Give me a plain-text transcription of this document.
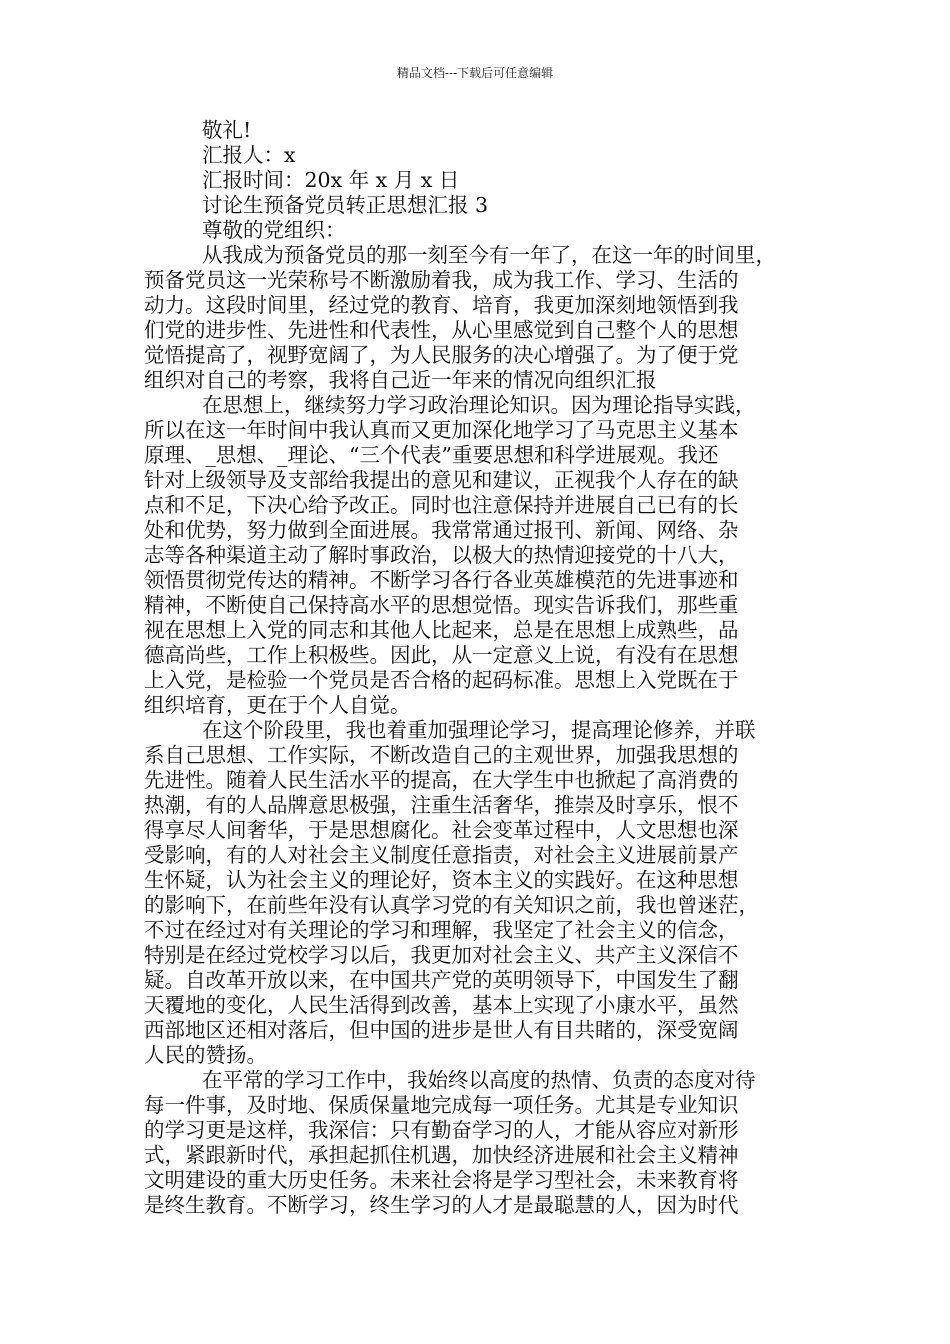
精品文档---下载后可任意编辑
敬礼!
汇报人：x
汇报时间：20x 年 x 月 x 日
讨论生预备党员转正思想汇报 3
尊敬的党组织：
从我成为预备党员的那一刻至今有一年了，在这一年的时间里，
预备党员这一光荣称号不断激励着我，成为我工作、学习、生活的
动力。这段时间里，经过党的教育、培育，我更加深刻地领悟到我
们党的进步性、先进性和代表性，从心里感觉到自己整个人的思想
觉悟提高了，视野宽阔了，为人民服务的决心增强了。为了便于党
组织对自己的考察，我将自己近一年来的情况向组织汇报
在思想上，继续努力学习政治理论知识。因为理论指导实践，
所以在这一年时间中我认真而又更加深化地学习了马克思主义基本
原理、_思想、_理论、“三个代表”重要思想和科学进展观。我还
针对上级领导及支部给我提出的意见和建议，正视我个人存在的缺
点和不足，下决心给予改正。同时也注意保持并进展自己已有的长
处和优势，努力做到全面进展。我常常通过报刊、新闻、网络、杂
志等各种渠道主动了解时事政治，以极大的热情迎接党的十八大，
领悟贯彻党传达的精神。不断学习各行各业英雄模范的先进事迹和
精神，不断使自己保持高水平的思想觉悟。现实告诉我们，那些重
视在思想上入党的同志和其他人比起来，总是在思想上成熟些，品
德高尚些，工作上积极些。因此，从一定意义上说，有没有在思想
上入党，是检验一个党员是否合格的起码标准。思想上入党既在于
组织培育，更在于个人自觉。
在这个阶段里，我也着重加强理论学习，提高理论修养，并联
系自己思想、工作实际，不断改造自己的主观世界，加强我思想的
先进性。随着人民生活水平的提高，在大学生中也掀起了高消费的
热潮，有的人品牌意思极强，注重生活奢华，推崇及时享乐，恨不
得享尽人间奢华，于是思想腐化。社会变革过程中，人文思想也深
受影响，有的人对社会主义制度任意指责，对社会主义进展前景产
生怀疑，认为社会主义的理论好，资本主义的实践好。在这种思想
的影响下，在前些年没有认真学习党的有关知识之前，我也曾迷茫，
不过在经过对有关理论的学习和理解，我坚定了社会主义的信念，
特别是在经过党校学习以后，我更加对社会主义、共产主义深信不
疑。自改革开放以来，在中国共产党的英明领导下，中国发生了翻
天覆地的变化，人民生活得到改善，基本上实现了小康水平，虽然
西部地区还相对落后，但中国的进步是世人有目共睹的，深受宽阔
人民的赞扬。
在平常的学习工作中，我始终以高度的热情、负责的态度对待
每一件事，及时地、保质保量地完成每一项任务。尤其是专业知识
的学习更是这样，我深信：只有勤奋学习的人，才能从容应对新形
式，紧跟新时代，承担起抓住机遇，加快经济进展和社会主义精神
文明建设的重大历史任务。未来社会将是学习型社会，未来教育将
是终生教育。不断学习，终生学习的人才是最聪慧的人，因为时代
